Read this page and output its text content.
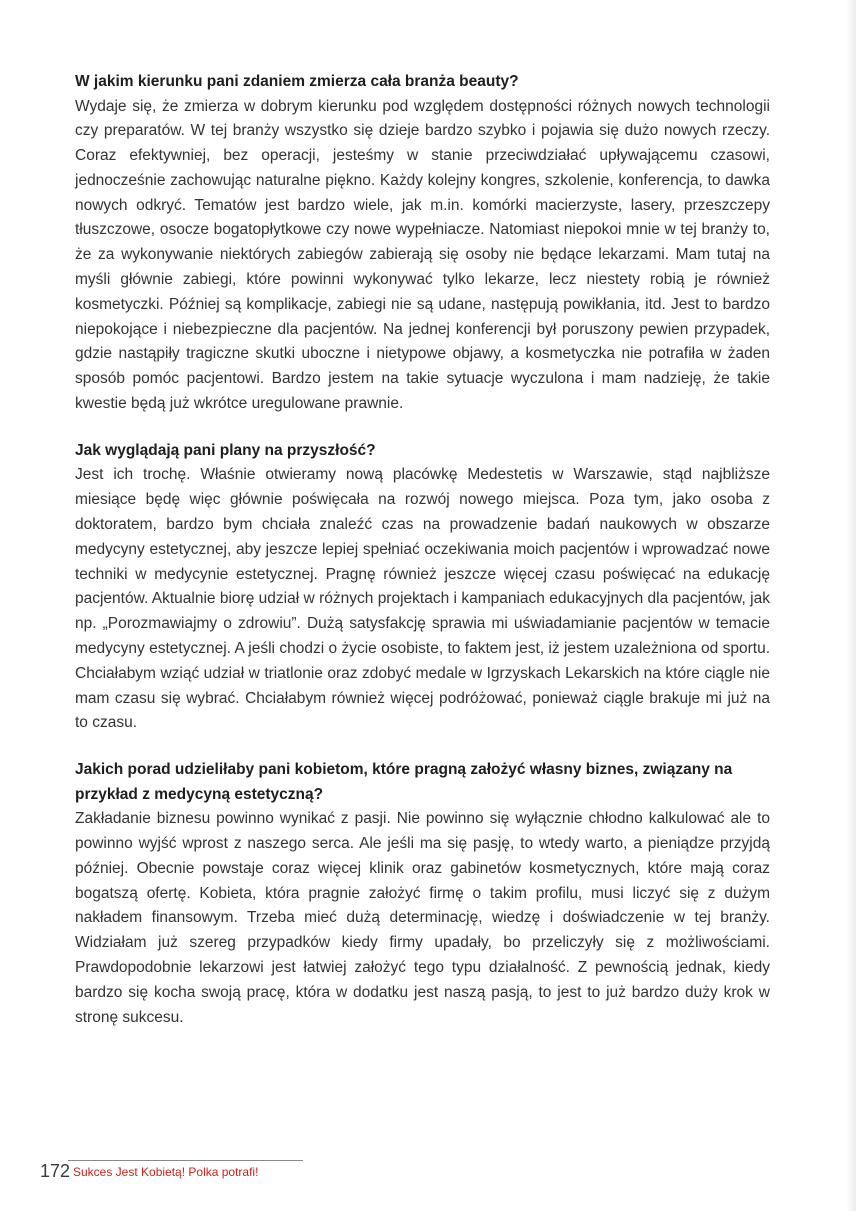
W jakim kierunku pani zdaniem zmierza cała branża beauty?

Wydaje się, że zmierza w dobrym kierunku pod względem dostępności różnych nowych technologii czy preparatów. W tej branży wszystko się dzieje bardzo szybko i pojawia się dużo nowych rzeczy. Coraz efektywniej, bez operacji, jesteśmy w stanie przeciwdziałać upływającemu czasowi, jednocześnie zachowując naturalne piękno. Każdy kolejny kongres, szkolenie, konferencja, to dawka nowych odkryć. Tematów jest bardzo wiele, jak m.in. komórki macierzyste, lasery, przeszczepy tłuszczowe, osocze bogatopłytkowe czy nowe wypełniacze. Natomiast niepokoi mnie w tej branży to, że za wykonywanie niektórych zabiegów zabierają się osoby nie będące lekarzami. Mam tutaj na myśli głównie zabiegi, które powinni wykonywać tylko lekarze, lecz niestety robią je również kosmetyczki. Później są komplikacje, zabiegi nie są udane, następują powikłania, itd. Jest to bardzo niepokojące i niebezpieczne dla pacjentów. Na jednej konferencji był poruszony pewien przypadek, gdzie nastąpiły tragiczne skutki uboczne i nietypowe objawy, a kosmetyczka nie potrafiła w żaden sposób pomóc pacjentowi. Bardzo jestem na takie sytuacje wyczulona i mam nadzieję, że takie kwestie będą już wkrótce uregulowane prawnie.

Jak wyglądają pani plany na przyszłość?

Jest ich trochę. Właśnie otwieramy nową placówkę Medestetis w Warszawie, stąd najbliższe miesiące będę więc głównie poświęcała na rozwój nowego miejsca. Poza tym, jako osoba z doktoratem, bardzo bym chciała znaleźć czas na prowadzenie badań naukowych w obszarze medycyny estetycznej, aby jeszcze lepiej spełniać oczekiwania moich pacjentów i wprowadzać nowe techniki w medycynie estetycznej. Pragnę również jeszcze więcej czasu poświęcać na edukację pacjentów. Aktualnie biorę udział w różnych projektach i kampaniach edukacyjnych dla pacjentów, jak np. „Porozmawiajmy o zdrowiu”. Dużą satysfakcję sprawia mi uświadamianie pacjentów w temacie medycyny estetycznej. A jeśli chodzi o życie osobiste, to faktem jest, iż jestem uzależniona od sportu. Chciałabym wziąć udział w triatlonie oraz zdobyć medale w Igrzyskach Lekarskich na które ciągle nie mam czasu się wybrać. Chciałabym również więcej podróżować, ponieważ ciągle brakuje mi już na to czasu.

Jakich porad udzieliłaby pani kobietom, które pragną założyć własny biznes, związany na przykład z medycyną estetyczną?

Zakładanie biznesu powinno wynikać z pasji. Nie powinno się wyłącznie chłodno kalkulować ale to powinno wyjść wprost z naszego serca. Ale jeśli ma się pasję, to wtedy warto, a pieniądze przyjdą później. Obecnie powstaje coraz więcej klinik oraz gabinetów kosmetycznych, które mają coraz bogatszą ofertę. Kobieta, która pragnie założyć firmę o takim profilu, musi liczyć się z dużym nakładem finansowym. Trzeba mieć dużą determinację, wiedzę i doświadczenie w tej branży. Widziałam już szereg przypadków kiedy firmy upadały, bo przeliczyły się z możliwościami. Prawdopodobnie lekarzowi jest łatwiej założyć tego typu działalność. Z pewnością jednak, kiedy bardzo się kocha swoją pracę, która w dodatku jest naszą pasją, to jest to już bardzo duży krok w stronę sukcesu.

172 Sukces Jest Kobietą! Polka potrafi!
